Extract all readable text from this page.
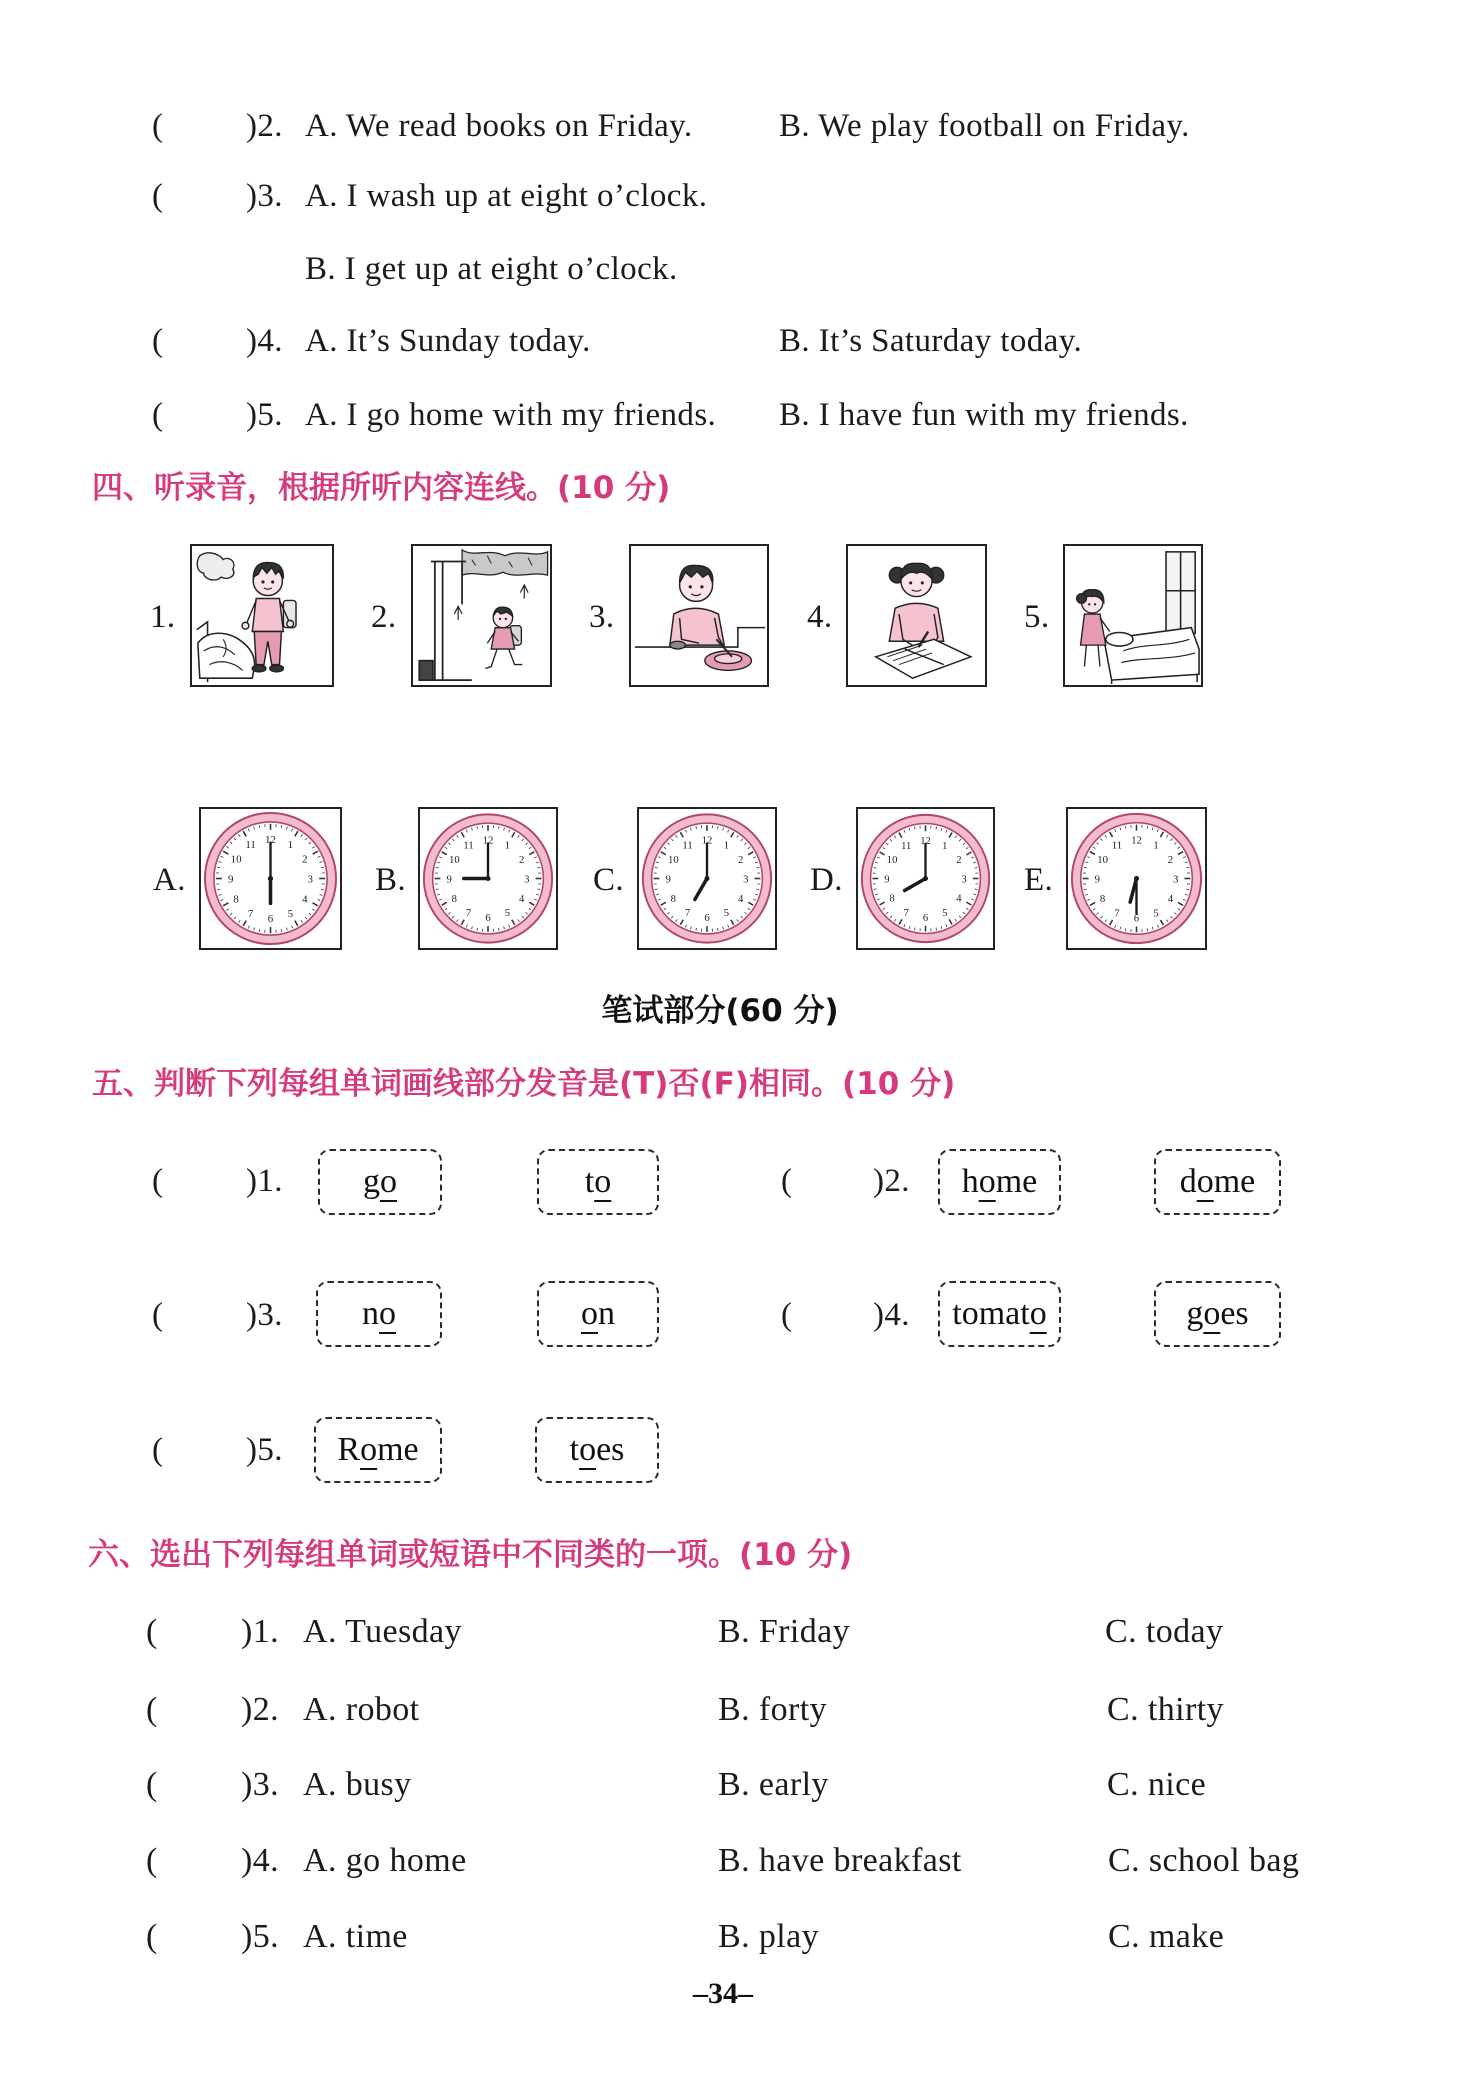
(	)2. A. We read books on Friday.	B. We play football on Friday.
(	)3. A. I wash up at eight o’clock.
B. I get up at eight o’clock.
(	)4. A. It’s Sunday today.	B. It’s Saturday today.
(	)5. A. I go home with my friends. B. I have fun with my friends.
四、听录音，根据所听内容连线。(10 分)
1.	2.	3.	4.	5.
A.	B.	C.	D.	E.
12 1
2
3
4
5
6
7
8
9
10
11	12 1
2
3
4
5
6
7
8
9
10
11	12 1
2
3
4
5
6
7
8
9
10
11	12 1
2
3
4
5
6
7
8
9
10
11
12 1
2
3
4
5
6
7
8
9
10
11
笔试部分(60 分)
五、判断下列每组单词画线部分发音是(T)否(F)相同。(10 分)
(	)1. go	to	( )2. home	dome
(	)3. no	on	( )4. tomato	goes
(	)5. Rome	toes
六、选出下列每组单词或短语中不同类的一项。(10 分)
( )1. A. Tuesday	B. Friday	C. today
( )2. A. robot	B. forty	C. thirty
( )3. A. busy	B. early	C. nice
( )4. A. go home	B. have breakfast	C. school bag
( )5. A. time	B. play	C. make
–34–
